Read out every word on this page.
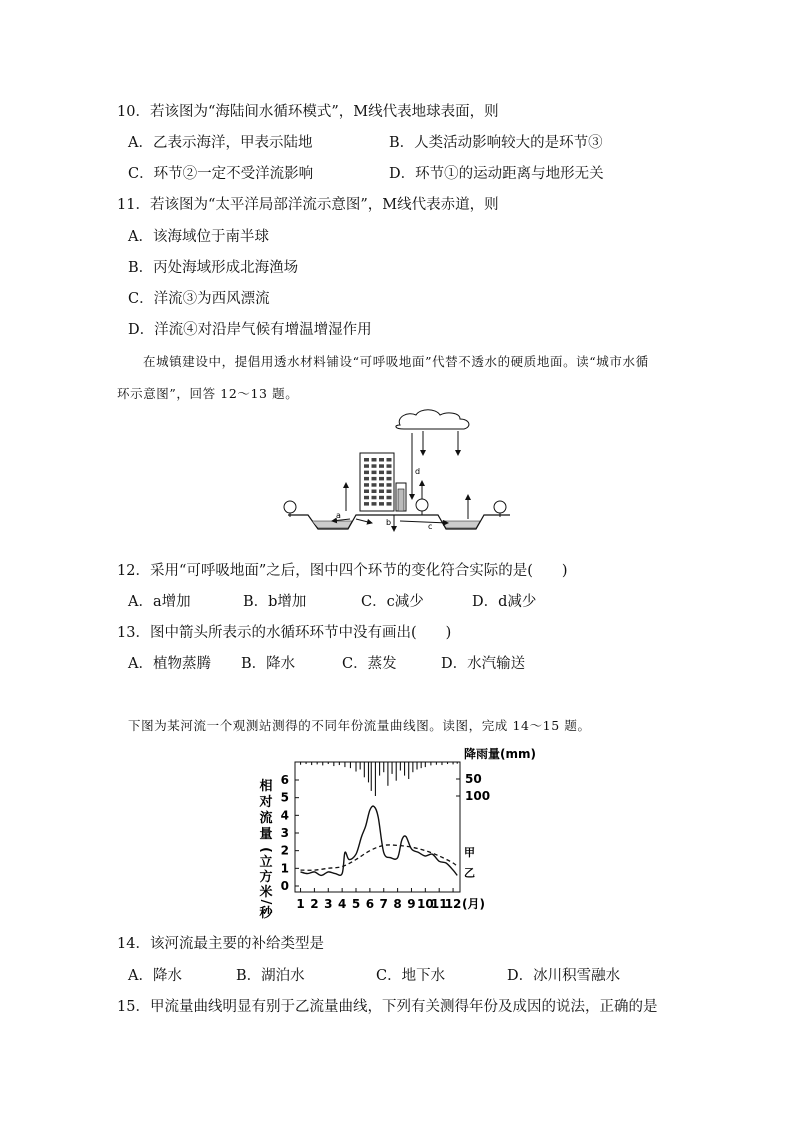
10．若该图为“海陆间水循环模式”，M线代表地球表面，则
A．乙表示海洋，甲表示陆地	B．人类活动影响较大的是环节③
C．环节②一定不受洋流影响	D．环节①的运动距离与地形无关
11．若该图为“太平洋局部洋流示意图”，M线代表赤道，则
A．该海域位于南半球
B．丙处海域形成北海渔场
C．洋流③为西风漂流
D．洋流④对沿岸气候有增温增湿作用
在城镇建设中，提倡用透水材料铺设“可呼吸地面”代替不透水的硬质地面。读“城市水循
环示意图”，回答 12～13 题。
d
a
b	c
12．采用“可呼吸地面”之后，图中四个环节的变化符合实际的是(　　)
A．a增加	B．b增加	C．c减少	D．d减少
13．图中箭头所表示的水循环环节中没有画出(　　)
A．植物蒸腾 B．降水	C．蒸发	D．水汽输送
下图为某河流一个观测站测得的不同年份流量曲线图。读图，完成 14～15 题。
相
对
流
量
(
立
方
米
/
秒
0
1
2
3
4
5
6
1 2 3 4 5 6 7 8 9 10
11
12
50
100
降雨量(mm)
甲
乙
(月)
14．该河流最主要的补给类型是
A．降水	B．湖泊水	C．地下水	D．冰川积雪融水
15．甲流量曲线明显有别于乙流量曲线，下列有关测得年份及成因的说法，正确的是
